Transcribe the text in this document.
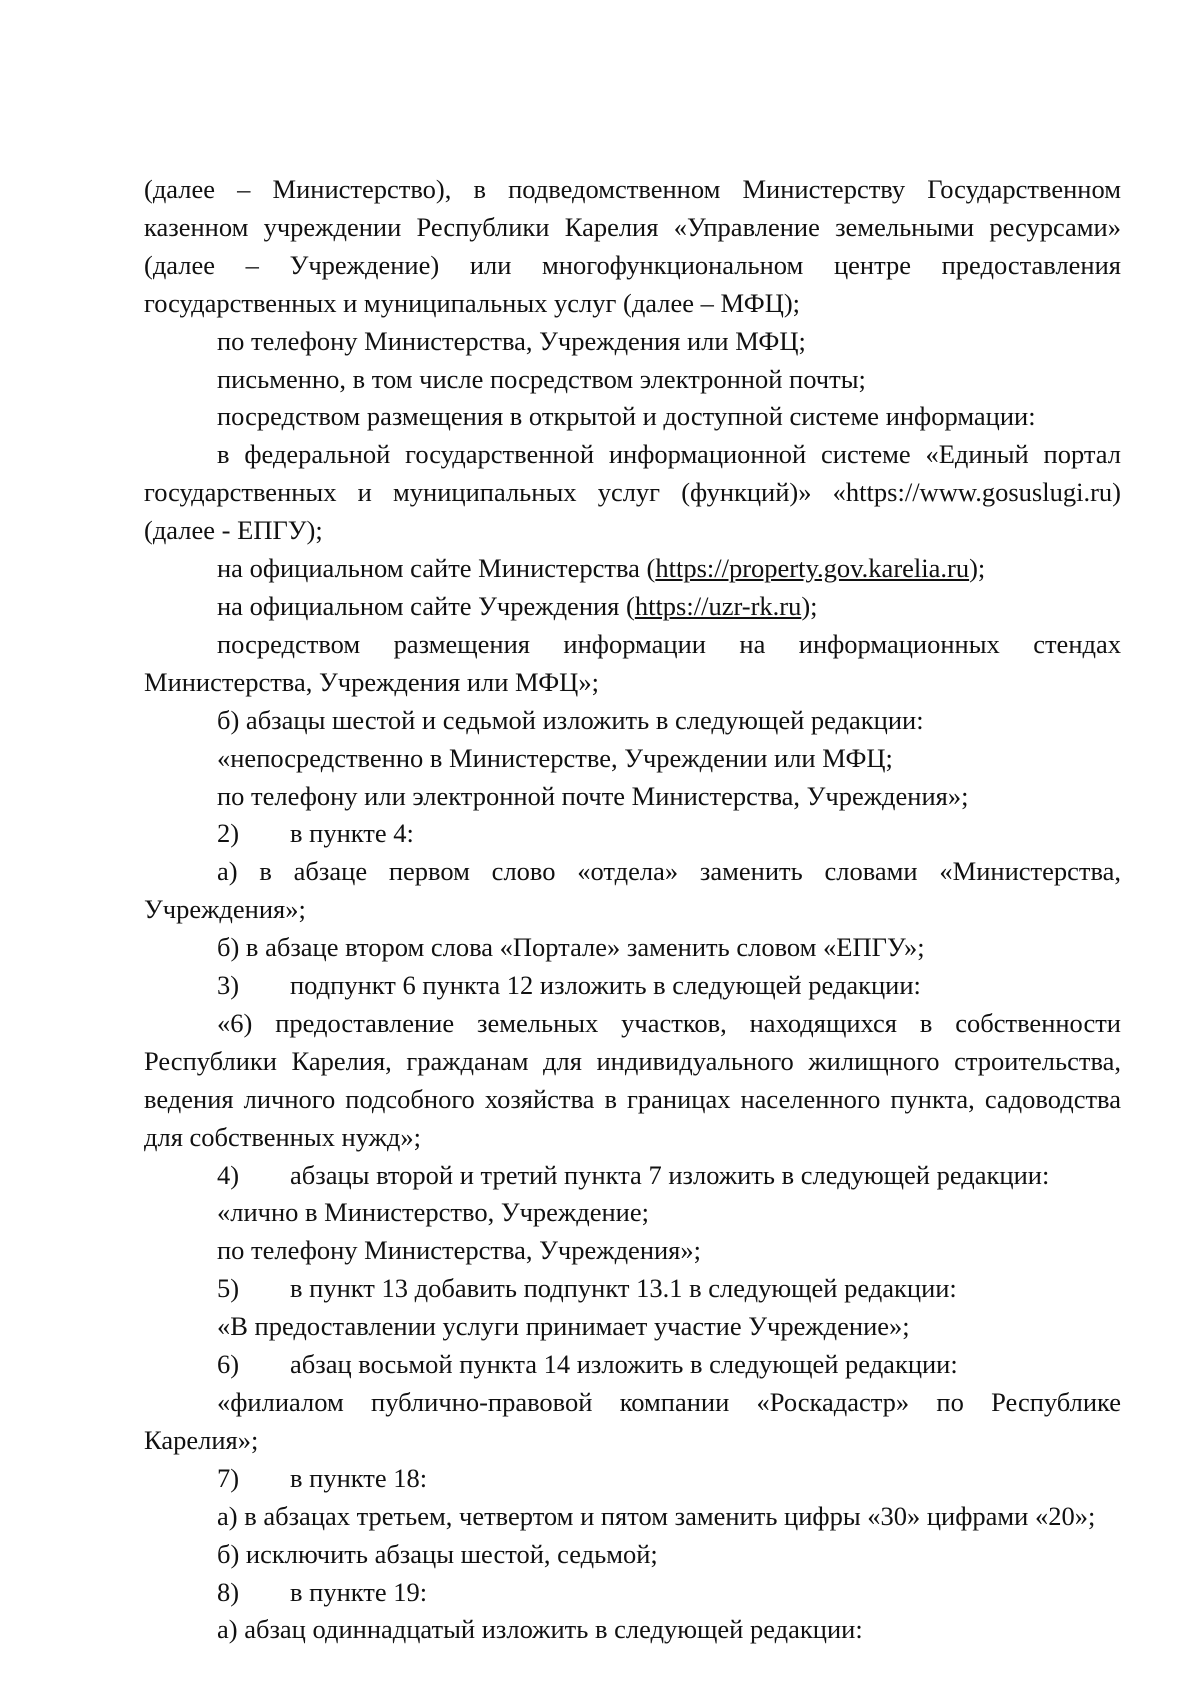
(далее – Министерство), в подведомственном Министерству Государственном казенном учреждении Республики Карелия «Управление земельными ресурсами» (далее – Учреждение) или многофункциональном центре предоставления государственных и муниципальных услуг (далее – МФЦ);

по телефону Министерства, Учреждения или МФЦ;

письменно, в том числе посредством электронной почты;

посредством размещения в открытой и доступной системе информации:

в федеральной государственной информационной системе «Единый портал государственных и муниципальных услуг (функций)» «https://www.gosuslugi.ru) (далее - ЕПГУ);

на официальном сайте Министерства (https://property.gov.karelia.ru);

на официальном сайте Учреждения (https://uzr-rk.ru);

посредством размещения информации на информационных стендах Министерства, Учреждения или МФЦ»;

б) абзацы шестой и седьмой изложить в следующей редакции:

«непосредственно в Министерстве, Учреждении или МФЦ;

по телефону или электронной почте Министерства, Учреждения»;

2) в пункте 4:

а) в абзаце первом слово «отдела» заменить словами «Министерства, Учреждения»;

б) в абзаце втором слова «Портале» заменить словом «ЕПГУ»;

3) подпункт 6 пункта 12 изложить в следующей редакции:

«6) предоставление земельных участков, находящихся в собственности Республики Карелия, гражданам для индивидуального жилищного строительства, ведения личного подсобного хозяйства в границах населенного пункта, садоводства для собственных нужд»;

4) абзацы второй и третий пункта 7 изложить в следующей редакции:

«лично в Министерство, Учреждение;

по телефону Министерства, Учреждения»;

5) в пункт 13 добавить подпункт 13.1 в следующей редакции:

«В предоставлении услуги принимает участие Учреждение»;

6) абзац восьмой пункта 14 изложить в следующей редакции:

«филиалом публично-правовой компании «Роскадастр» по Республике Карелия»;

7) в пункте 18:

а) в абзацах третьем, четвертом и пятом заменить цифры «30» цифрами «20»;

б) исключить абзацы шестой, седьмой;

8) в пункте 19:

а) абзац одиннадцатый изложить в следующей редакции:
